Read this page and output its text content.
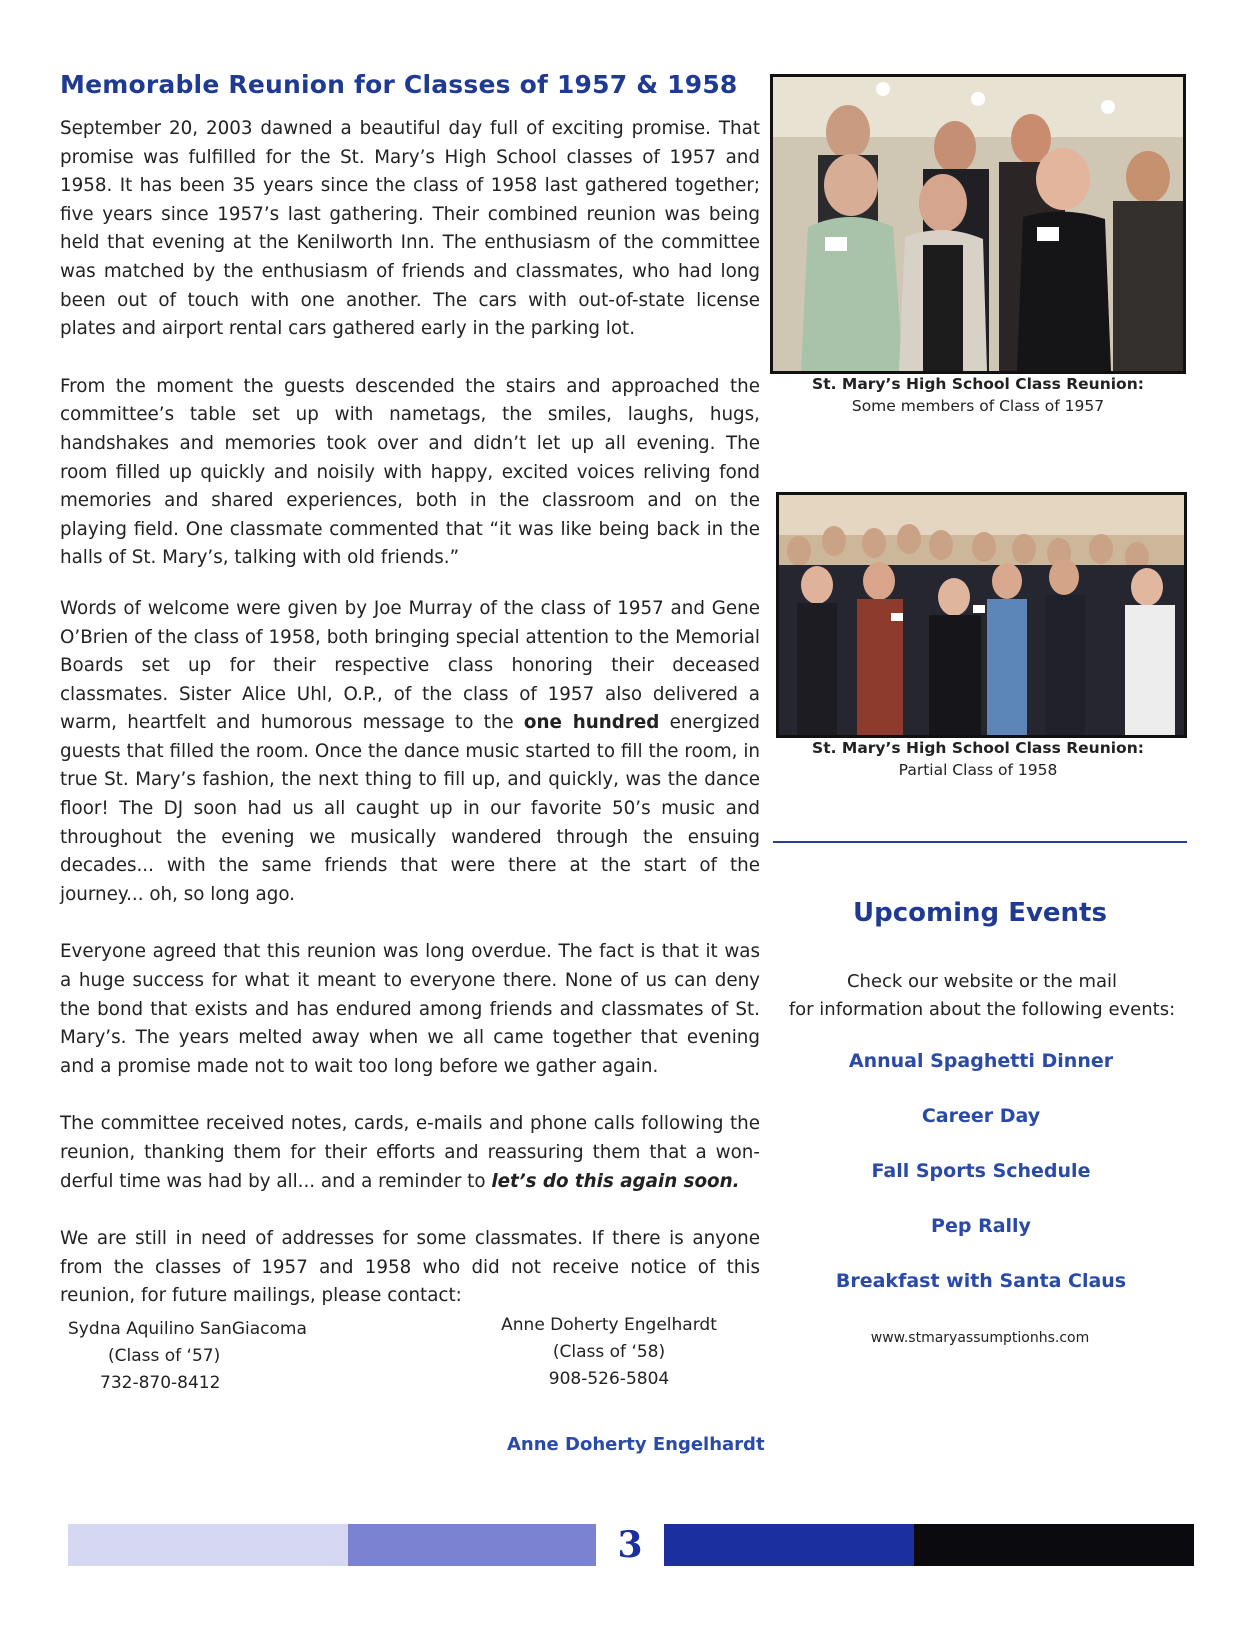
Memorable Reunion for Classes of 1957 & 1958

September 20, 2003 dawned a beautiful day full of exciting promise. That promise was fulfilled for the St. Mary’s High School classes of 1957 and 1958. It has been 35 years since the class of 1958 last gathered together; five years since 1957’s last gathering. Their combined reunion was being held that evening at the Kenilworth Inn. The enthusiasm of the committee was matched by the enthusiasm of friends and classmates, who had long been out of touch with one another. The cars with out-of-state license plates and airport rental cars gathered early in the parking lot.

From the moment the guests descended the stairs and approached the committee’s table set up with nametags, the smiles, laughs, hugs, handshakes and memories took over and didn’t let up all evening. The room filled up quickly and noisily with happy, excited voices reliving fond memories and shared experiences, both in the classroom and on the playing field. One classmate commented that “it was like being back in the halls of St. Mary’s, talking with old friends.”

Words of welcome were given by Joe Murray of the class of 1957 and Gene O’Brien of the class of 1958, both bringing special attention to the Memorial Boards set up for their respective class honoring their deceased classmates. Sister Alice Uhl, O.P., of the class of 1957 also delivered a warm, heartfelt and humorous message to the one hundred energized guests that filled the room. Once the dance music started to fill the room, in true St. Mary’s fashion, the next thing to fill up, and quickly, was the dance floor! The DJ soon had us all caught up in our favorite 50’s music and throughout the evening we musically wandered through the ensuing decades... with the same friends that were there at the start of the journey... oh, so long ago.

Everyone agreed that this reunion was long overdue. The fact is that it was a huge success for what it meant to everyone there. None of us can deny the bond that exists and has endured among friends and classmates of St. Mary’s. The years melted away when we all came together that evening and a promise made not to wait too long before we gather again.

The committee received notes, cards, e-mails and phone calls following the reunion, thanking them for their efforts and reassuring them that a won-derful time was had by all... and a reminder to let’s do this again soon.

We are still in need of addresses for some classmates. If there is anyone from the classes of 1957 and 1958 who did not receive notice of this reunion, for future mailings, please contact:

Sydna Aquilino SanGiacoma
(Class of ‘57)
732-870-8412
Anne Doherty Engelhardt
(Class of ‘58)
908-526-5804
Anne Doherty Engelhardt
St. Mary’s High School Class Reunion:
Some members of Class of 1957
St. Mary’s High School Class Reunion:
Partial Class of 1958
Upcoming Events
Check our website or the mail
for information about the following events:
Annual Spaghetti Dinner
Career Day
Fall Sports Schedule
Pep Rally
Breakfast with Santa Claus
www.stmaryassumptionhs.com
3
